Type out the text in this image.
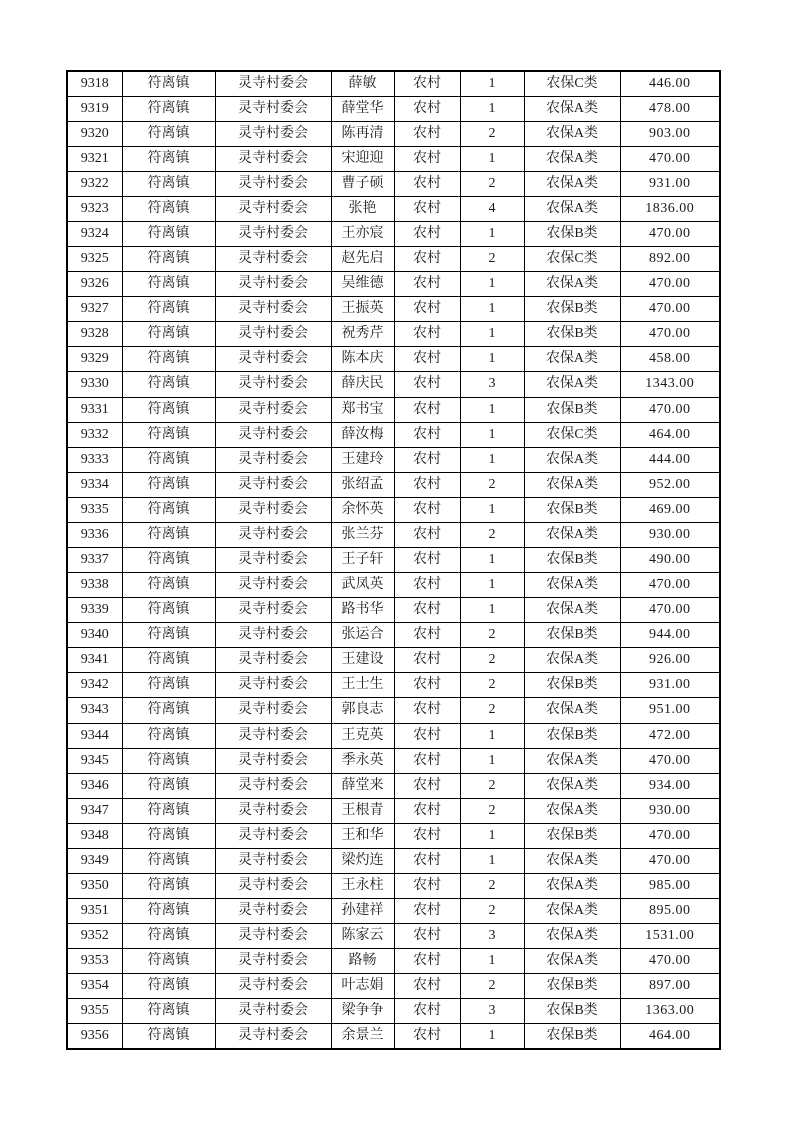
9318	符离镇	灵寺村委会	薛敏	农村	1	农保C类	446.00
9319	符离镇	灵寺村委会	薛堂华	农村	1	农保A类	478.00
9320	符离镇	灵寺村委会	陈再清	农村	2	农保A类	903.00
9321	符离镇	灵寺村委会	宋迎迎	农村	1	农保A类	470.00
9322	符离镇	灵寺村委会	曹子硕	农村	2	农保A类	931.00
9323	符离镇	灵寺村委会	张艳	农村	4	农保A类	1836.00
9324	符离镇	灵寺村委会	王亦宸	农村	1	农保B类	470.00
9325	符离镇	灵寺村委会	赵先启	农村	2	农保C类	892.00
9326	符离镇	灵寺村委会	吴维德	农村	1	农保A类	470.00
9327	符离镇	灵寺村委会	王振英	农村	1	农保B类	470.00
9328	符离镇	灵寺村委会	祝秀芹	农村	1	农保B类	470.00
9329	符离镇	灵寺村委会	陈本庆	农村	1	农保A类	458.00
9330	符离镇	灵寺村委会	薛庆民	农村	3	农保A类	1343.00
9331	符离镇	灵寺村委会	郑书宝	农村	1	农保B类	470.00
9332	符离镇	灵寺村委会	薛汝梅	农村	1	农保C类	464.00
9333	符离镇	灵寺村委会	王建玲	农村	1	农保A类	444.00
9334	符离镇	灵寺村委会	张绍孟	农村	2	农保A类	952.00
9335	符离镇	灵寺村委会	余怀英	农村	1	农保B类	469.00
9336	符离镇	灵寺村委会	张兰芬	农村	2	农保A类	930.00
9337	符离镇	灵寺村委会	王子轩	农村	1	农保B类	490.00
9338	符离镇	灵寺村委会	武凤英	农村	1	农保A类	470.00
9339	符离镇	灵寺村委会	路书华	农村	1	农保A类	470.00
9340	符离镇	灵寺村委会	张运合	农村	2	农保B类	944.00
9341	符离镇	灵寺村委会	王建设	农村	2	农保A类	926.00
9342	符离镇	灵寺村委会	王士生	农村	2	农保B类	931.00
9343	符离镇	灵寺村委会	郭良志	农村	2	农保A类	951.00
9344	符离镇	灵寺村委会	王克英	农村	1	农保B类	472.00
9345	符离镇	灵寺村委会	季永英	农村	1	农保A类	470.00
9346	符离镇	灵寺村委会	薛堂来	农村	2	农保A类	934.00
9347	符离镇	灵寺村委会	王根青	农村	2	农保A类	930.00
9348	符离镇	灵寺村委会	王和华	农村	1	农保B类	470.00
9349	符离镇	灵寺村委会	梁灼连	农村	1	农保A类	470.00
9350	符离镇	灵寺村委会	王永柱	农村	2	农保A类	985.00
9351	符离镇	灵寺村委会	孙建祥	农村	2	农保A类	895.00
9352	符离镇	灵寺村委会	陈家云	农村	3	农保A类	1531.00
9353	符离镇	灵寺村委会	路畅	农村	1	农保A类	470.00
9354	符离镇	灵寺村委会	叶志娟	农村	2	农保B类	897.00
9355	符离镇	灵寺村委会	梁争争	农村	3	农保B类	1363.00
9356	符离镇	灵寺村委会	余景兰	农村	1	农保B类	464.00
